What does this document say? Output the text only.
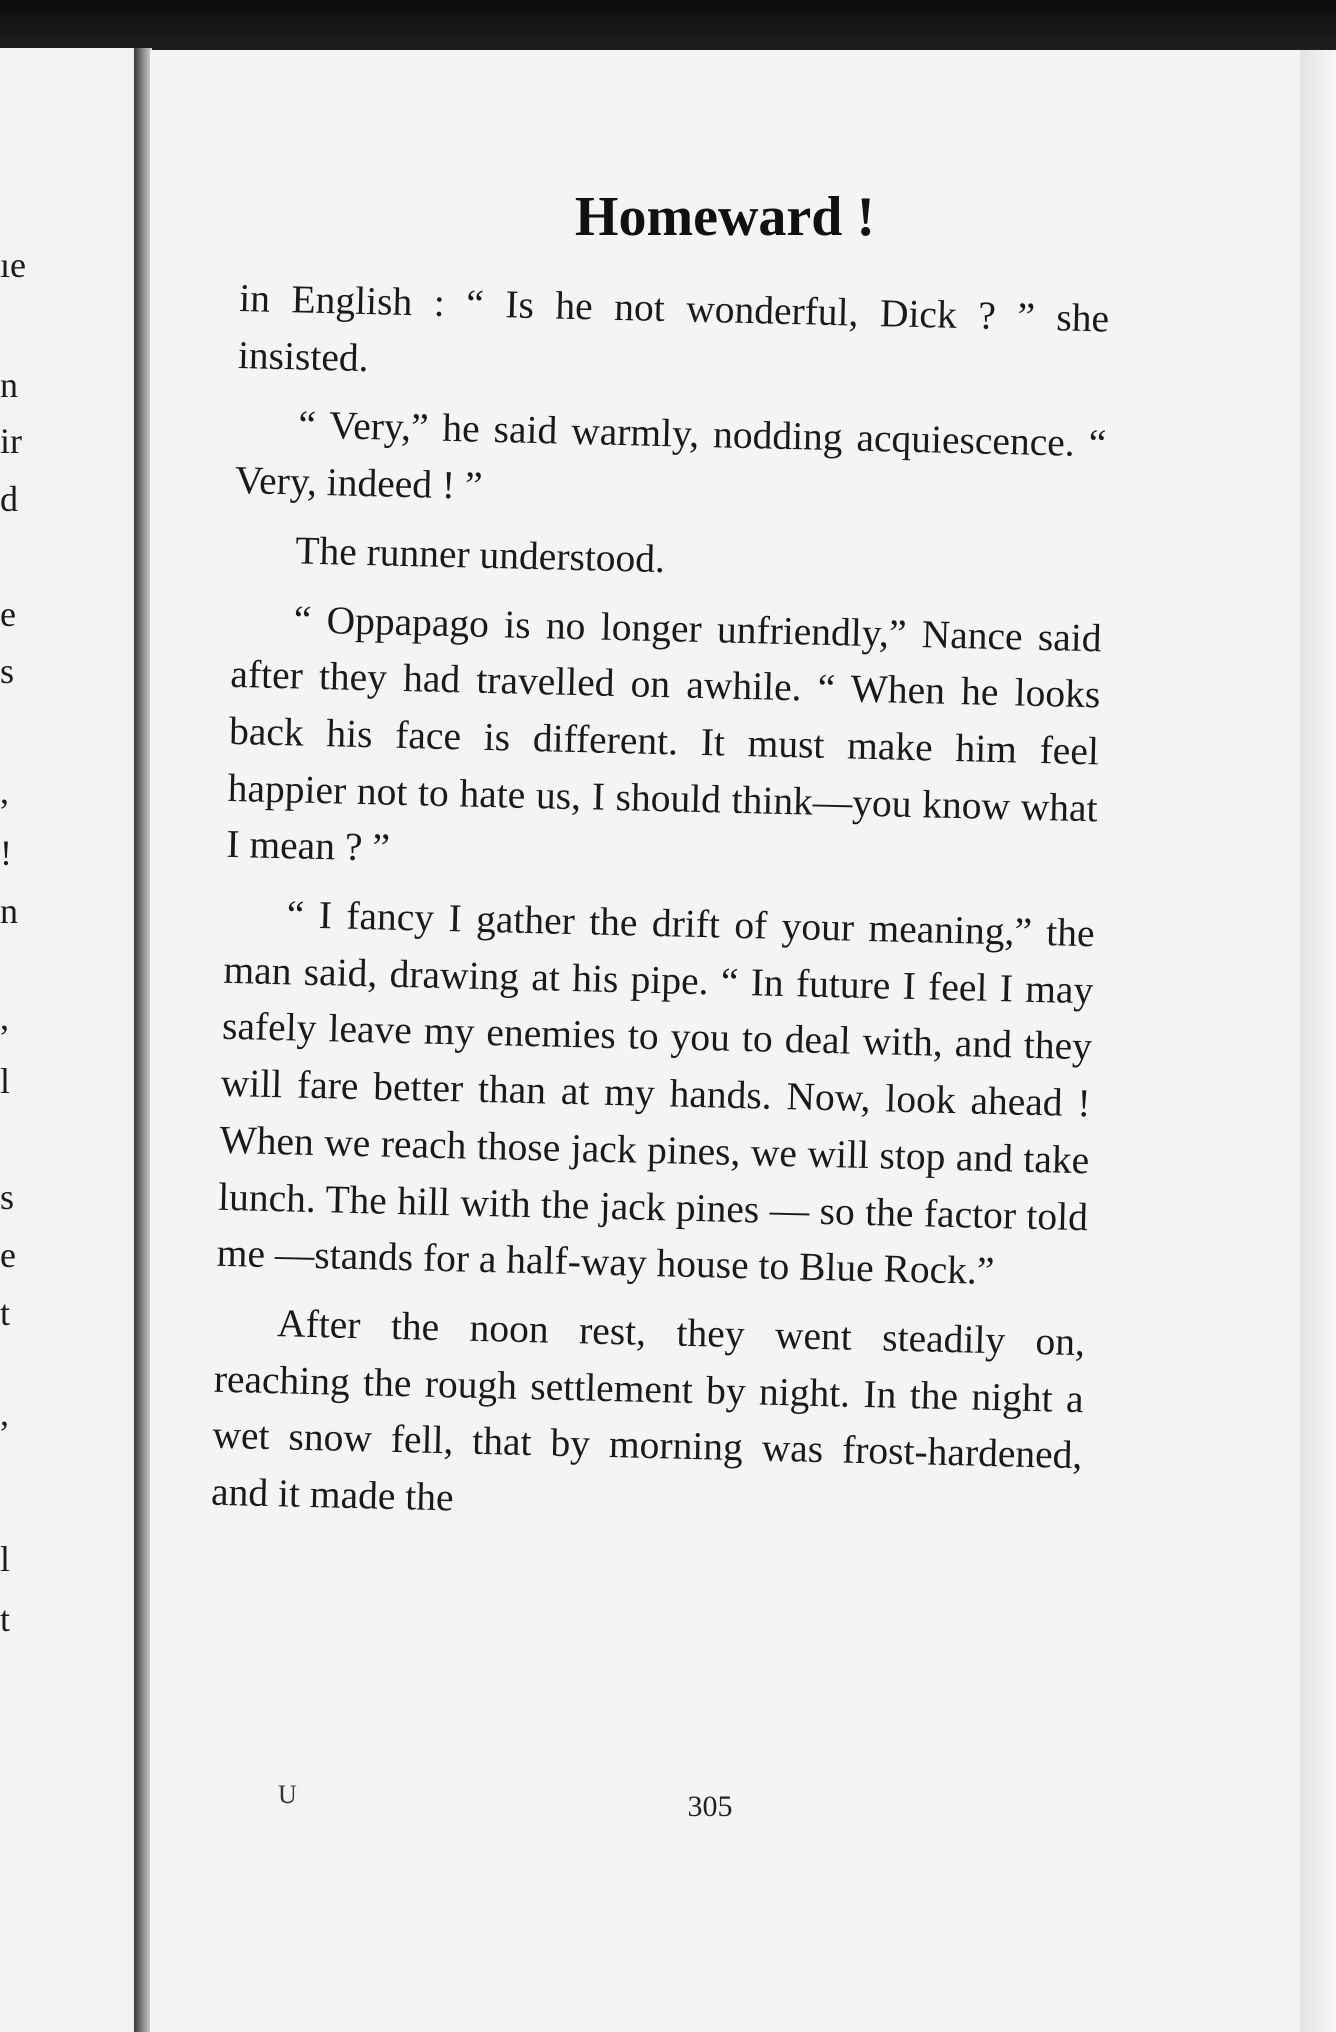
ıe
n
ir
d
e
s
,
!
n
,
l
s
e
t
,
l
t
Homeward !

in English : “ Is he not wonderful, Dick ? ” she insisted.

“ Very,” he said warmly, nodding acquiescence. “ Very, indeed ! ”

The runner understood.

“ Oppapago is no longer unfriendly,” Nance said after they had travelled on awhile. “ When he looks back his face is different. It must make him feel happier not to hate us, I should think—you know what I mean ? ”

“ I fancy I gather the drift of your meaning,” the man said, drawing at his pipe. “ In future I feel I may safely leave my enemies to you to deal with, and they will fare better than at my hands. Now, look ahead ! When we reach those jack pines, we will stop and take lunch. The hill with the jack pines — so the factor told me —stands for a half-way house to Blue Rock.”

After the noon rest, they went steadily on, reaching the rough settlement by night. In the night a wet snow fell, that by morning was frost-hardened, and it made the

U	305
